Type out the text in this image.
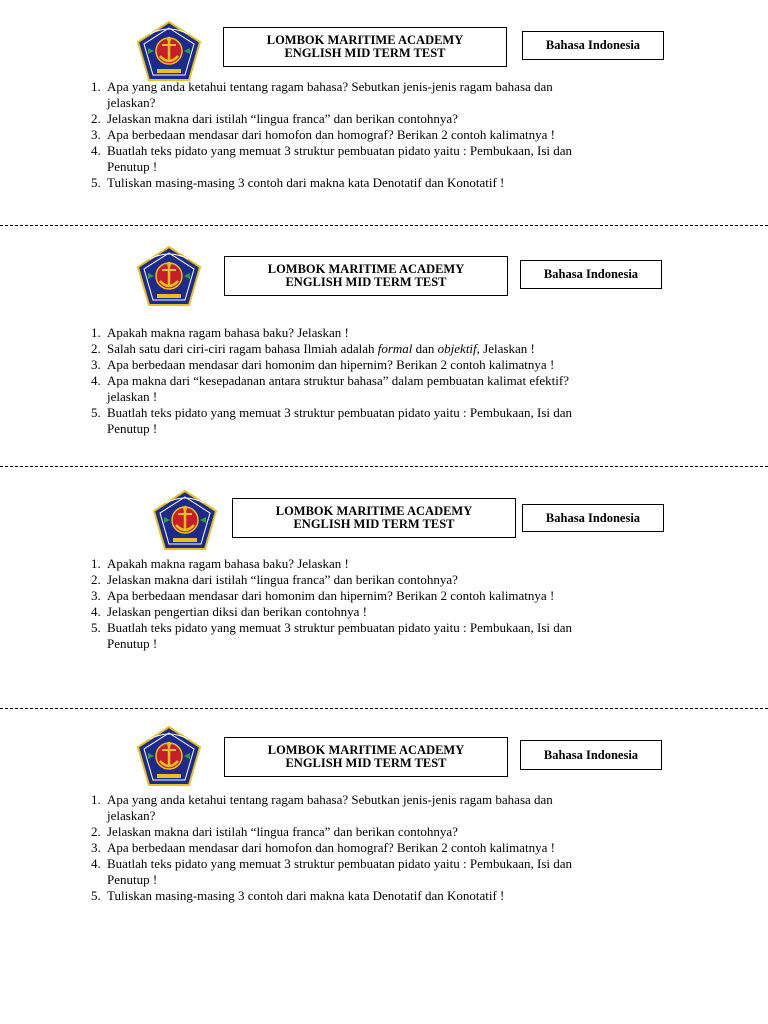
LOMBOK MARITIME ACADEMY
ENGLISH MID TERM TEST
Bahasa Indonesia
1. Apa yang anda ketahui tentang ragam bahasa? Sebutkan jenis-jenis ragam bahasa dan
jelaskan?
2. Jelaskan makna dari istilah “lingua franca” dan berikan contohnya?
3. Apa berbedaan mendasar dari homofon dan homograf? Berikan 2 contoh kalimatnya !
4. Buatlah teks pidato yang memuat 3 struktur pembuatan pidato yaitu : Pembukaan, Isi dan
Penutup !
5. Tuliskan masing-masing 3 contoh dari makna kata Denotatif dan Konotatif !
LOMBOK MARITIME ACADEMY
ENGLISH MID TERM TEST
Bahasa Indonesia
1. Apakah makna ragam bahasa baku? Jelaskan !
2. Salah satu dari ciri-ciri ragam bahasa Ilmiah adalah formal dan objektif, Jelaskan !
3. Apa berbedaan mendasar dari homonim dan hipernim? Berikan 2 contoh kalimatnya !
4. Apa makna dari “kesepadanan antara struktur bahasa” dalam pembuatan kalimat efektif?
jelaskan !
5. Buatlah teks pidato yang memuat 3 struktur pembuatan pidato yaitu : Pembukaan, Isi dan
Penutup !
LOMBOK MARITIME ACADEMY
ENGLISH MID TERM TEST	Bahasa Indonesia
1. Apakah makna ragam bahasa baku? Jelaskan !
2. Jelaskan makna dari istilah “lingua franca” dan berikan contohnya?
3. Apa berbedaan mendasar dari homonim dan hipernim? Berikan 2 contoh kalimatnya !
4. Jelaskan pengertian diksi dan berikan contohnya !
5. Buatlah teks pidato yang memuat 3 struktur pembuatan pidato yaitu : Pembukaan, Isi dan
Penutup !
LOMBOK MARITIME ACADEMY
ENGLISH MID TERM TEST
Bahasa Indonesia
1. Apa yang anda ketahui tentang ragam bahasa? Sebutkan jenis-jenis ragam bahasa dan
jelaskan?
2. Jelaskan makna dari istilah “lingua franca” dan berikan contohnya?
3. Apa berbedaan mendasar dari homofon dan homograf? Berikan 2 contoh kalimatnya !
4. Buatlah teks pidato yang memuat 3 struktur pembuatan pidato yaitu : Pembukaan, Isi dan
Penutup !
5. Tuliskan masing-masing 3 contoh dari makna kata Denotatif dan Konotatif !
